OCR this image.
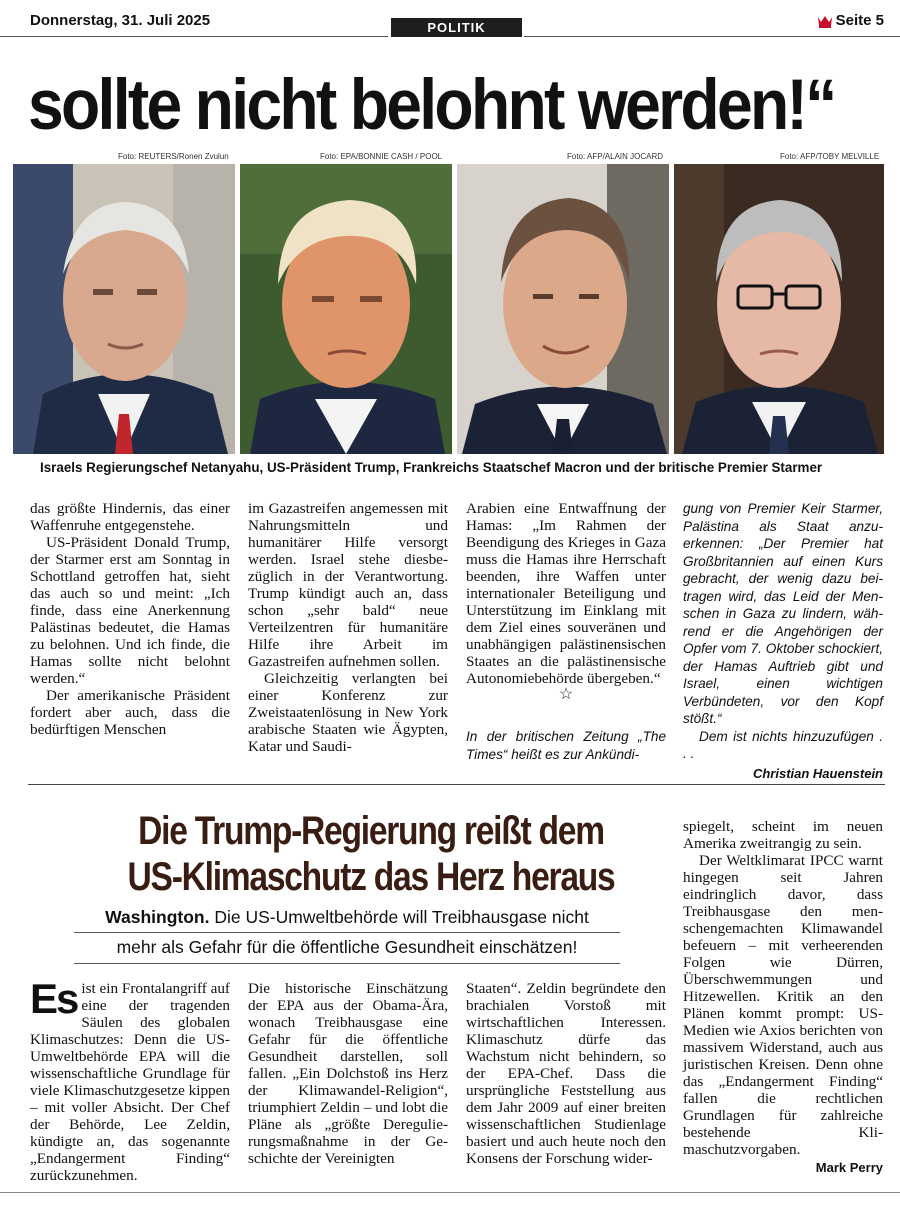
Donnerstag, 31. Juli 2025	POLITIK	Seite 5
sollte nicht belohnt werden!“
Foto: REUTERS/Ronen Zvulun	Foto: EPA/BONNIE CASH / POOL	Foto: AFP/ALAIN JOCARD	Foto: AFP/TOBY MELVILLE
Israels Regierungschef Netanyahu, US-Präsident Trump, Frankreichs Staatschef Macron und der britische Premier Starmer

das größte Hindernis, das einer Waffenruhe entgegenstehe.

US-Präsident Donald Trump, der Starmer erst am Sonntag in Schottland getroffen hat, sieht das auch so und meint: „Ich finde, dass eine Anerkennung Palästinas bedeutet, die Hamas zu belohnen. Und ich finde, die Hamas sollte nicht belohnt werden.“

Der amerikanische Präsident fordert aber auch, dass die bedürftigen Menschen

im Gazastreifen angemessen mit Nahrungsmitteln und humanitärer Hilfe versorgt werden. Israel stehe diesbezüglich in der Verantwortung. Trump kündigt auch an, dass schon „sehr bald“ neue Verteilzentren für humanitäre Hilfe ihre Arbeit im Gazastreifen aufnehmen sollen.

Gleichzeitig verlangten bei einer Konferenz zur Zweistaatenlösung in New York arabische Staaten wie Ägypten, Katar und Saudi-

Arabien eine Entwaffnung der Hamas: „Im Rahmen der Beendigung des Krieges in Gaza muss die Hamas ihre Herrschaft beenden, ihre Waffen unter internationaler Beteiligung und Unterstützung im Einklang mit dem Ziel eines souveränen und unabhängigen palästinensischen Staates an die palästinensische Autonomiebehörde übergeben.“

☆

In der britischen Zeitung „The Times“ heißt es zur Ankündi-

gung von Premier Keir Starmer, Palästina als Staat anzuerkennen: „Der Premier hat Großbritannien auf einen Kurs gebracht, der wenig dazu beitragen wird, das Leid der Menschen in Gaza zu lindern, während er die Angehörigen der Opfer vom 7. Oktober schockiert, der Hamas Auftrieb gibt und Israel, einen wichtigen Verbündeten, vor den Kopf stößt.“

Dem ist nichts hinzuzufügen . . .

Christian Hauenstein
Die Trump-Regierung reißt dem
US-Klimaschutz das Herz heraus
Washington. Die US-Umweltbehörde will Treibhausgase nicht
mehr als Gefahr für die öffentliche Gesundheit einschätzen!
Es ist ein Frontalangriff auf eine der tragenden Säulen des globalen Klimaschutzes: Denn die US-Umweltbehörde EPA will die wissenschaftliche Grundlage für viele Klimaschutzgesetze kippen – mit voller Absicht. Der Chef der Behörde, Lee Zeldin, kündigte an, das sogenannte „Endangerment Finding“ zurückzunehmen.

Die historische Einschätzung der EPA aus der Obama-Ära, wonach Treibhausgase eine Gefahr für die öffentliche Gesundheit darstellen, soll fallen. „Ein Dolchstoß ins Herz der Klimawandel-Religion“, triumphiert Zeldin – und lobt die Pläne als „größte Deregulierungsmaßnahme in der Geschichte der Vereinigten

Staaten“. Zeldin begründete den brachialen Vorstoß mit wirtschaftlichen Interessen. Klimaschutz dürfe das Wachstum nicht behindern, so der EPA-Chef. Dass die ursprüngliche Feststellung aus dem Jahr 2009 auf einer breiten wissenschaftlichen Studienlage basiert und auch heute noch den Konsens der Forschung wider-

spiegelt, scheint im neuen Amerika zweitrangig zu sein.

Der Weltklimarat IPCC warnt hingegen seit Jahren eindringlich davor, dass Treibhausgase den menschengemachten Klimawandel befeuern – mit verheerenden Folgen wie Dürren, Überschwemmungen und Hitzewellen. Kritik an den Plänen kommt prompt: US-Medien wie Axios berichten von massivem Widerstand, auch aus juristischen Kreisen. Denn ohne das „Endangerment Finding“ fallen die rechtlichen Grundlagen für zahlreiche bestehende Klimaschutzvorgaben.

Mark Perry
